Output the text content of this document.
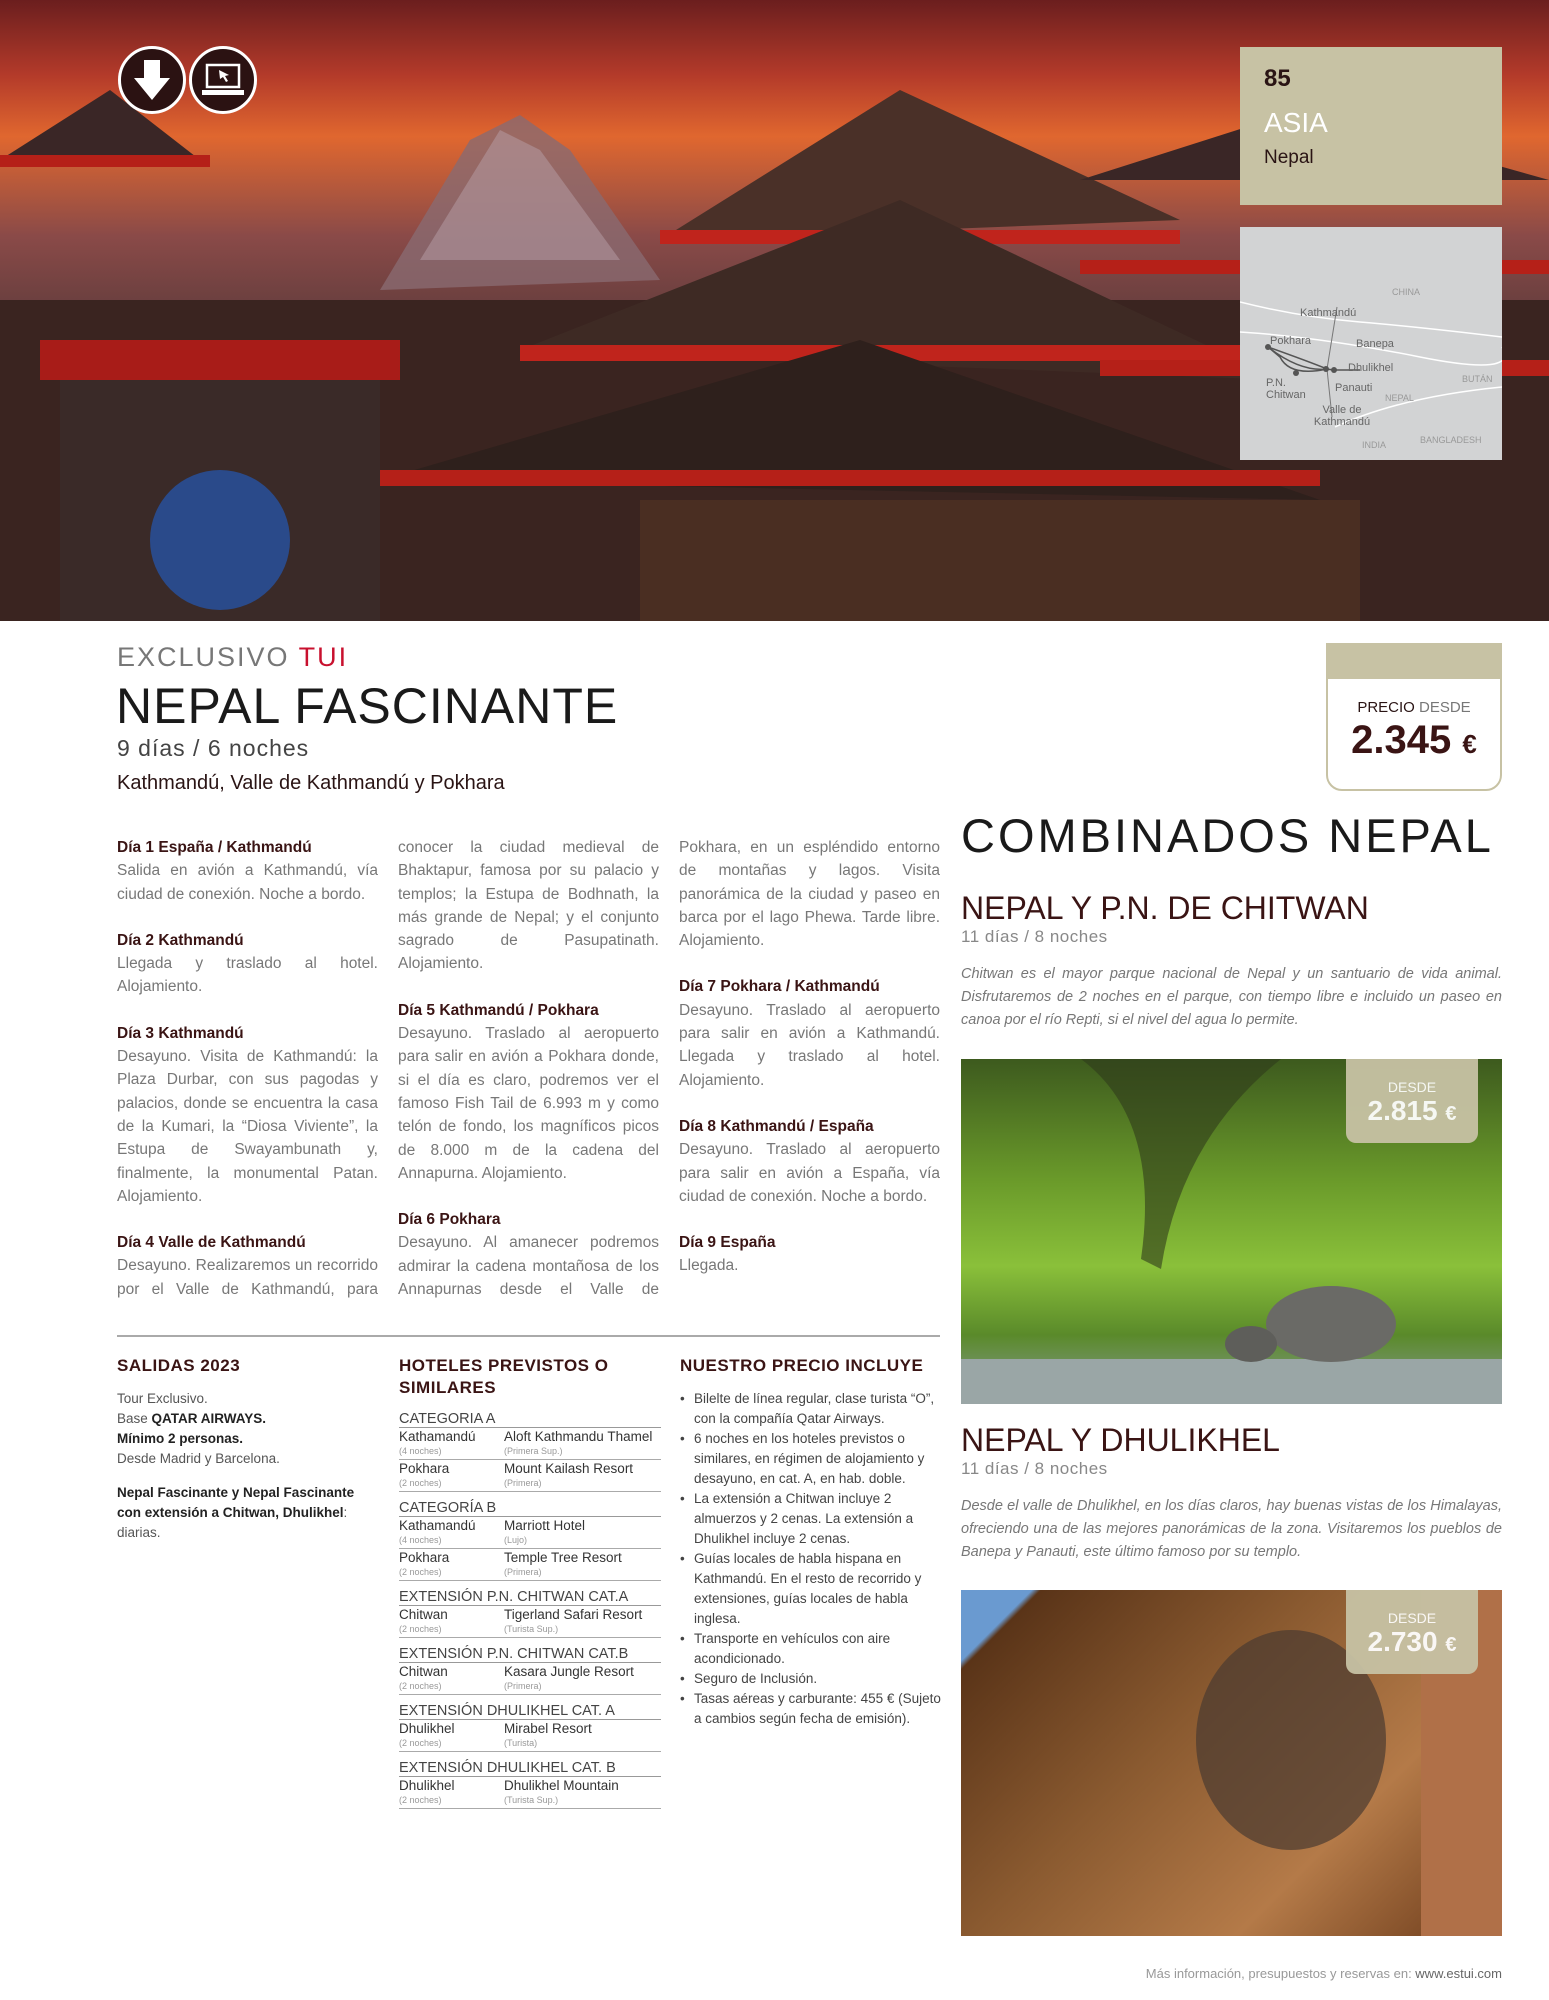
85
ASIA
Nepal
CHINA
Kathmandú
Pokhara	Banepa
Dhulikhel
BUTÁN
P.N. Chitwan
Panauti
NEPAL
Valle de Kathmandú
INDIA	BANGLADESH
EXCLUSIVO TUI
NEPAL FASCINANTE
9 días / 6 noches
Kathmandú, Valle de Kathmandú y Pokhara
PRECIO DESDE
2.345 €
Día 1 España / Kathmandú
Salida en avión a Kathmandú, vía ciudad de conexión. Noche a bordo.
Día 2 Kathmandú
Llegada y traslado al hotel. Alojamiento.
Día 3 Kathmandú
Desayuno. Visita de Kathmandú: la Plaza Durbar, con sus pagodas y palacios, donde se encuentra la casa de la Kumari, la “Diosa Viviente”, la Estupa de Swayambunath y, finalmente, la monumental Patan. Alojamiento.
Día 4 Valle de Kathmandú
Desayuno. Realizaremos un recorrido por el Valle de Kathmandú, para conocer la ciudad medieval de Bhaktapur, famosa por su palacio y templos; la Estupa de Bodhnath, la más grande de Nepal; y el conjunto sagrado de Pasupatinath. Alojamiento.
Día 5 Kathmandú / Pokhara
Desayuno. Traslado al aeropuerto para salir en avión a Pokhara donde, si el día es claro, podremos ver el famoso Fish Tail de 6.993 m y como telón de fondo, los magníficos picos de 8.000 m de la cadena del Annapurna. Alojamiento.
Día 6 Pokhara
Desayuno. Al amanecer podremos admirar la cadena montañosa de los Annapurnas desde el Valle de Pokhara, en un espléndido entorno de montañas y lagos. Visita panorámica de la ciudad y paseo en barca por el lago Phewa. Tarde libre. Alojamiento.
Día 7 Pokhara / Kathmandú
Desayuno. Traslado al aeropuerto para salir en avión a Kathmandú. Llegada y traslado al hotel. Alojamiento.
Día 8 Kathmandú / España
Desayuno. Traslado al aeropuerto para salir en avión a España, vía ciudad de conexión. Noche a bordo.
Día 9 España
Llegada.
SALIDAS 2023
Tour Exclusivo.
Base QATAR AIRWAYS.
Mínimo 2 personas.
Desde Madrid y Barcelona.
Nepal Fascinante y Nepal Fascinante con extensión a Chitwan, Dhulikhel: diarias.
HOTELES PREVISTOS O SIMILARES
CATEGORIA A
Kathamandú
(4 noches)
Aloft Kathmandu Thamel
(Primera Sup.)
Pokhara
(2 noches)
Mount Kailash Resort
(Primera)
CATEGORÍA B
Kathamandú
(4 noches)
Marriott Hotel
(Lujo)
Pokhara
(2 noches)
Temple Tree Resort
(Primera)
EXTENSIÓN P.N. CHITWAN CAT.A
Chitwan
(2 noches)
Tigerland Safari Resort
(Turista Sup.)
EXTENSIÓN P.N. CHITWAN CAT.B
Chitwan
(2 noches)
Kasara Jungle Resort
(Primera)
EXTENSIÓN DHULIKHEL CAT. A
Dhulikhel
(2 noches)
Mirabel Resort
(Turista)
EXTENSIÓN DHULIKHEL CAT. B
Dhulikhel
(2 noches)
Dhulikhel Mountain
(Turista Sup.)
NUESTRO PRECIO INCLUYE
• Bilelte de línea regular, clase turista “O”, con la compañía Qatar Airways.
• 6 noches en los hoteles previstos o similares, en régimen de alojamiento y desayuno, en cat. A, en hab. doble.
• La extensión a Chitwan incluye 2 almuerzos y 2 cenas. La extensión a Dhulikhel incluye 2 cenas.
• Guías locales de habla hispana en Kathmandú. En el resto de recorrido y extensiones, guías locales de habla inglesa.
• Transporte en vehículos con aire acondicionado.
• Seguro de Inclusión.
• Tasas aéreas y carburante: 455 € (Sujeto a cambios según fecha de emisión).
COMBINADOS NEPAL
NEPAL Y P.N. DE CHITWAN
11 días / 8 noches
Chitwan es el mayor parque nacional de Nepal y un santuario de vida animal. Disfrutaremos de 2 noches en el parque, con tiempo libre e incluido un paseo en canoa por el río Repti, si el nivel del agua lo permite.
DESDE
2.815 €
NEPAL Y DHULIKHEL
11 días / 8 noches
Desde el valle de Dhulikhel, en los días claros, hay buenas vistas de los Himalayas, ofreciendo una de las mejores panorámicas de la zona. Visitaremos los pueblos de Banepa y Panauti, este último famoso por su templo.
DESDE
2.730 €
Más información, presupuestos y reservas en: www.estui.com
